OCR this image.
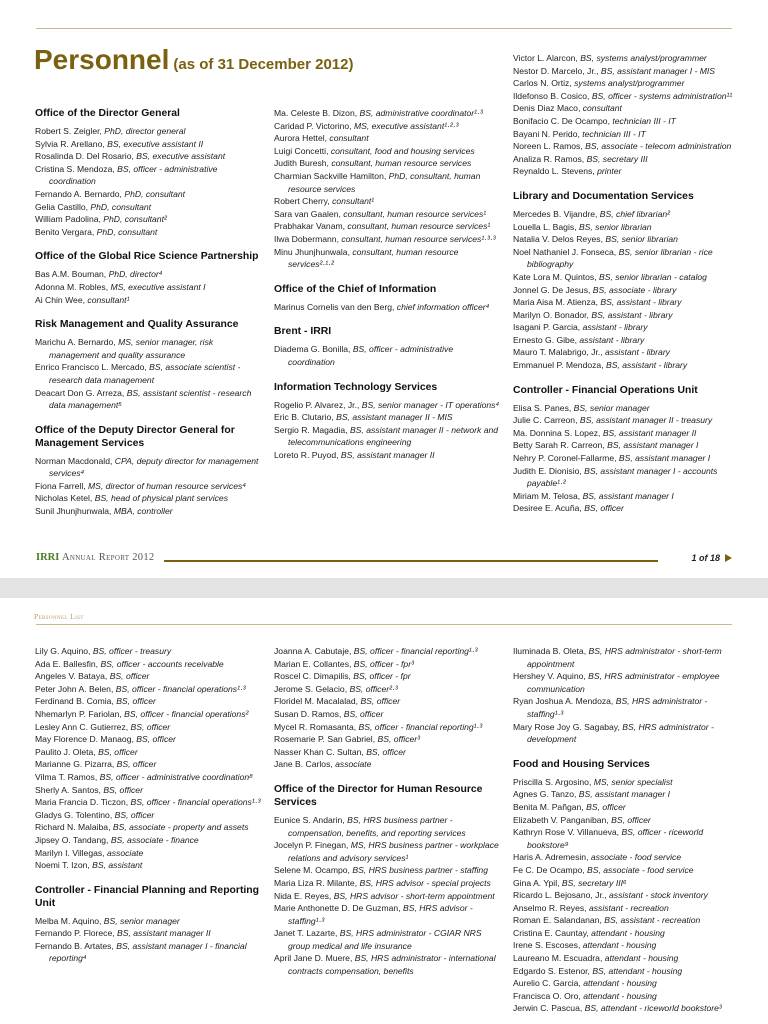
Personnel (as of 31 December 2012)
Office of the Director General
Robert S. Zeigler, PhD, director general
Sylvia R. Arellano, BS, executive assistant II
Rosalinda D. Del Rosario, BS, executive assistant
Cristina S. Mendoza, BS, officer - administrative coordination
Fernando A. Bernardo, PhD, consultant
Gelia Castillo, PhD, consultant
William Padolina, PhD, consultant²
Benito Vergara, PhD, consultant
Office of the Global Rice Science Partnership
Bas A.M. Bouman, PhD, director⁴
Adonna M. Robles, MS, executive assistant I
Ai Chin Wee, consultant¹
Risk Management and Quality Assurance
Marichu A. Bernardo, MS, senior manager, risk management and quality assurance
Enrico Francisco L. Mercado, BS, associate scientist - research data management
Deacart Don G. Arreza, BS, assistant scientist - research data management⁵
Office of the Deputy Director General for Management Services
Norman Macdonald, CPA, deputy director for management services⁴
Fiona Farrell, MS, director of human resource services⁴
Nicholas Ketel, BS, head of physical plant services
Sunil Jhunjhunwala, MBA, controller
Ma. Celeste B. Dizon, BS, administrative coordinator¹·³
Caridad P. Victorino, MS, executive assistant¹·²·³
Aurora Hettel, consultant
Luigi Concetti, consultant, food and housing services
Judith Buresh, consultant, human resource services
Charmian Sackville Hamilton, PhD, consultant, human resource services
Robert Cherry, consultant¹
Sara van Gaalen, consultant, human resource services¹
Prabhakar Vanam, consultant, human resource services¹
Ilwa Dobermann, consultant, human resource services¹·³·³
Minu Jhunjhunwala, consultant, human resource services²·¹·²
Office of the Chief of Information
Marinus Cornelis van den Berg, chief information officer⁴
Brent - IRRI
Diadema G. Bonilla, BS, officer - administrative coordination
Information Technology Services
Rogelio P. Alvarez, Jr., BS, senior manager - IT operations⁴
Eric B. Clutario, BS, assistant manager II - MIS
Sergio R. Magadia, BS, assistant manager II - network and telecommunications engineering
Loreto R. Puyod, BS, assistant manager II
Victor L. Alarcon, BS, systems analyst/programmer
Nestor D. Marcelo, Jr., BS, assistant manager I - MIS
Carlos N. Ortiz, systems analyst/programmer
Ildefonso B. Cosico, BS, officer - systems administration¹¹
Denis Diaz Maco, consultant
Bonifacio C. De Ocampo, technician III - IT
Bayani N. Perido, technician III - IT
Noreen L. Ramos, BS, associate - telecom administration
Analiza R. Ramos, BS, secretary III
Reynaldo L. Stevens, printer
Library and Documentation Services
Mercedes B. Vijandre, BS, chief librarian²
Louella L. Bagis, BS, senior librarian
Natalia V. Delos Reyes, BS, senior librarian
Noel Nathaniel J. Fonseca, BS, senior librarian - rice bibliography
Kate Lora M. Quintos, BS, senior librarian - catalog
Jonnel G. De Jesus, BS, associate - library
Maria Aisa M. Atienza, BS, assistant - library
Marilyn O. Bonador, BS, assistant - library
Isagani P. Garcia, assistant - library
Ernesto G. Gibe, assistant - library
Mauro T. Malabrigo, Jr., assistant - library
Emmanuel P. Mendoza, BS, assistant - library
Controller - Financial Operations Unit
Elisa S. Panes, BS, senior manager
Julie C. Carreon, BS, assistant manager II - treasury
Ma. Donnina S. Lopez, BS, assistant manager II
Betty Sarah R. Carreon, BS, assistant manager I
Nehry P. Coronel-Fallarme, BS, assistant manager I
Judith E. Dionisio, BS, assistant manager I - accounts payable¹·²
Miriam M. Telosa, BS, assistant manager I
Desiree E. Acuña, BS, officer
IRRI Annual Report 2012	1 of 18
Personnel List
Lily G. Aquino, BS, officer - treasury
Ada E. Ballesfin, BS, officer - accounts receivable
Angeles V. Bataya, BS, officer
Peter John A. Belen, BS, officer - financial operations¹·³
Ferdinand B. Comia, BS, officer
Nhemarlyn P. Fariolan, BS, officer - financial operations²
Lesley Ann C. Gutierrez, BS, officer
May Florence D. Manaog, BS, officer
Paulito J. Oleta, BS, officer
Marianne G. Pizarra, BS, officer
Vilma T. Ramos, BS, officer - administrative coordination⁸
Sherly A. Santos, BS, officer
Maria Francia D. Ticzon, BS, officer - financial operations¹·³
Gladys G. Tolentino, BS, officer
Richard N. Malaiba, BS, associate - property and assets
Jipsey O. Tandang, BS, associate - finance
Marilyn I. Villegas, associate
Noemi T. Izon, BS, assistant
Controller - Financial Planning and Reporting Unit
Melba M. Aquino, BS, senior manager
Fernando P. Florece, BS, assistant manager II
Fernando B. Artates, BS, assistant manager I - financial reporting⁴
Joanna A. Cabutaje, BS, officer - financial reporting¹·³
Marian E. Collantes, BS, officer - fpr³
Roscel C. Dimapilis, BS, officer - fpr
Jerome S. Gelacio, BS, officer²·³
Floridel M. Macalalad, BS, officer
Susan D. Ramos, BS, officer
Mycel R. Romasanta, BS, officer - financial reporting¹·³
Rosemarie P. San Gabriel, BS, officer³
Nasser Khan C. Sultan, BS, officer
Jane B. Carlos, associate
Office of the Director for Human Resource Services
Eunice S. Andarin, BS, HRS business partner - compensation, benefits, and reporting services
Jocelyn P. Finegan, MS, HRS business partner - workplace relations and advisory services¹
Selene M. Ocampo, BS, HRS business partner - staffing
Maria Liza R. Milante, BS, HRS advisor - special projects
Nida E. Reyes, BS, HRS advisor - short-term appointment
Marie Anthonette D. De Guzman, BS, HRS advisor - staffing¹·³
Janet T. Lazarte, BS, HRS administrator - CGIAR NRS group medical and life insurance
April Jane D. Muere, BS, HRS administrator - international contracts compensation, benefits
Iluminada B. Oleta, BS, HRS administrator - short-term appointment
Hershey V. Aquino, BS, HRS administrator - employee communication
Ryan Joshua A. Mendoza, BS, HRS administrator - staffing¹·³
Mary Rose Joy G. Sagabay, BS, HRS administrator - development
Food and Housing Services
Priscilla S. Argosino, MS, senior specialist
Agnes G. Tanzo, BS, assistant manager I
Benita M. Pañgan, BS, officer
Elizabeth V. Panganiban, BS, officer
Kathryn Rose V. Villanueva, BS, officer - riceworld bookstore⁹
Haris A. Adremesin, associate - food service
Fe C. De Ocampo, BS, associate - food service
Gina A. Ypil, BS, secretary III⁶
Ricardo L. Bejosano, Jr., assistant - stock inventory
Anselmo R. Reyes, assistant - recreation
Roman E. Salandanan, BS, assistant - recreation
Cristina E. Cauntay, attendant - housing
Irene S. Escoses, attendant - housing
Laureano M. Escuadra, attendant - housing
Edgardo S. Estenor, BS, attendant - housing
Aurelio C. Garcia, attendant - housing
Francisca O. Oro, attendant - housing
Jerwin C. Pascua, BS, attendant - riceworld bookstore³
